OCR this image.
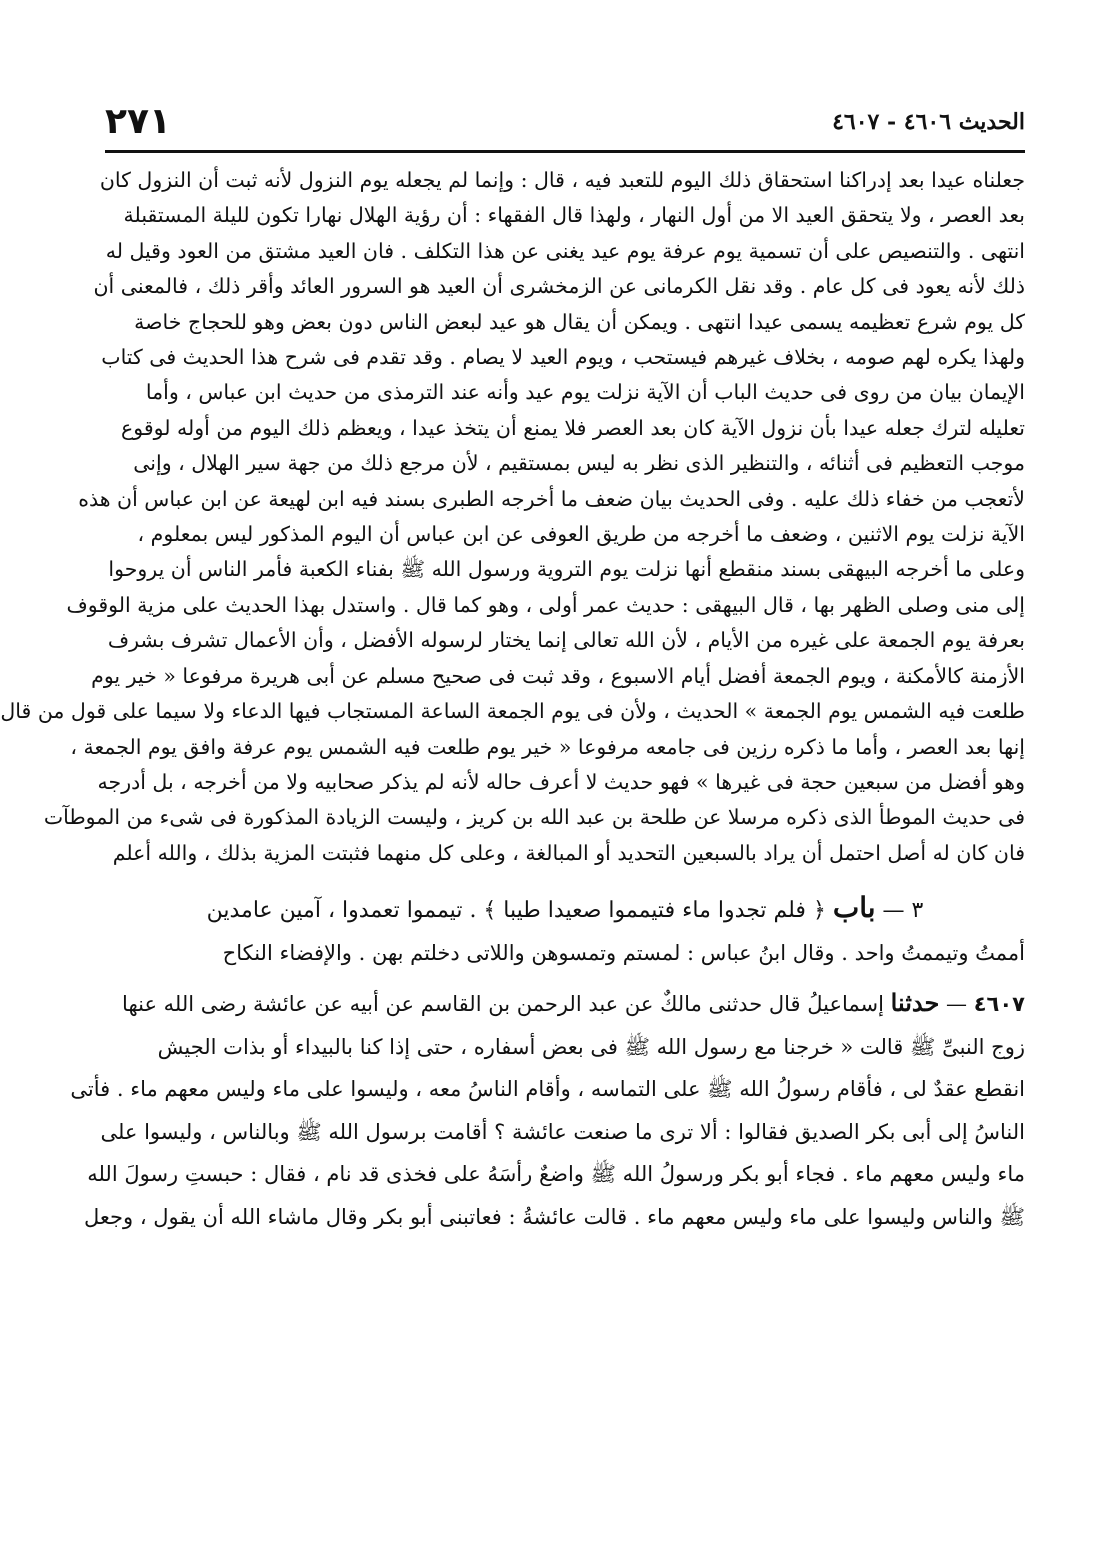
الحديث ٤٦٠٦ - ٤٦٠٧
٢٧١

جعلناه عيدا بعد إدراكنا استحقاق ذلك اليوم للتعبد فيه ، قال : وإنما لم يجعله يوم النزول لأنه ثبت أن النزول كان

بعد العصر ، ولا يتحقق العيد الا من أول النهار ، ولهذا قال الفقهاء : أن رؤية الهلال نهارا تكون لليلة المستقبلة

انتهى . والتنصيص على أن تسمية يوم عرفة يوم عيد يغنى عن هذا التكلف . فان العيد مشتق من العود وقيل له

ذلك لأنه يعود فى كل عام . وقد نقل الكرمانى عن الزمخشرى أن العيد هو السرور العائد وأقر ذلك ، فالمعنى أن

كل يوم شرع تعظيمه يسمى عيدا انتهى . ويمكن أن يقال هو عيد لبعض الناس دون بعض وهو للحجاج خاصة

ولهذا يكره لهم صومه ، بخلاف غيرهم فيستحب ، ويوم العيد لا يصام . وقد تقدم فى شرح هذا الحديث فى كتاب

الإيمان بيان من روى فى حديث الباب أن الآية نزلت يوم عيد وأنه عند الترمذى من حديث ابن عباس ، وأما

تعليله لترك جعله عيدا بأن نزول الآية كان بعد العصر فلا يمنع أن يتخذ عيدا ، ويعظم ذلك اليوم من أوله لوقوع

موجب التعظيم فى أثنائه ، والتنظير الذى نظر به ليس بمستقيم ، لأن مرجع ذلك من جهة سير الهلال ، وإنى

لأتعجب من خفاء ذلك عليه . وفى الحديث بيان ضعف ما أخرجه الطبرى بسند فيه ابن لهيعة عن ابن عباس أن هذه

الآية نزلت يوم الاثنين ، وضعف ما أخرجه من طريق العوفى عن ابن عباس أن اليوم المذكور ليس بمعلوم ،

وعلى ما أخرجه البيهقى بسند منقطع أنها نزلت يوم التروية ورسول الله ﷺ بفناء الكعبة فأمر الناس أن يروحوا

إلى منى وصلى الظهر بها ، قال البيهقى : حديث عمر أولى ، وهو كما قال . واستدل بهذا الحديث على مزية الوقوف

بعرفة يوم الجمعة على غيره من الأيام ، لأن الله تعالى إنما يختار لرسوله الأفضل ، وأن الأعمال تشرف بشرف

الأزمنة كالأمكنة ، ويوم الجمعة أفضل أيام الاسبوع ، وقد ثبت فى صحيح مسلم عن أبى هريرة مرفوعا « خير يوم

طلعت فيه الشمس يوم الجمعة » الحديث ، ولأن فى يوم الجمعة الساعة المستجاب فيها الدعاء ولا سيما على قول من قال

إنها بعد العصر ، وأما ما ذكره رزين فى جامعه مرفوعا « خير يوم طلعت فيه الشمس يوم عرفة وافق يوم الجمعة ،

وهو أفضل من سبعين حجة فى غيرها » فهو حديث لا أعرف حاله لأنه لم يذكر صحابيه ولا من أخرجه ، بل أدرجه

فى حديث الموطأ الذى ذكره مرسلا عن طلحة بن عبد الله بن كريز ، وليست الزيادة المذكورة فى شىء من الموطآت

فان كان له أصل احتمل أن يراد بالسبعين التحديد أو المبالغة ، وعلى كل منهما فثبتت المزية بذلك ، والله أعلم

٣ — باب ﴿ فلم تجدوا ماء فتيمموا صعيدا طيبا ﴾ . تيمموا تعمدوا ، آمين عامدين
أممتُ وتيممتُ واحد . وقال ابنُ عباس : لمستم وتمسوهن واللاتى دخلتم بهن . والإفضاء النكاح

٤٦٠٧ — حدثنا إسماعيلُ قال حدثنى مالكٌ عن عبد الرحمن بن القاسم عن أبيه عن عائشة رضى الله عنها

زوج النبىِّ ﷺ قالت « خرجنا مع رسول الله ﷺ فى بعض أسفاره ، حتى إذا كنا بالبيداء أو بذات الجيش

انقطع عقدٌ لى ، فأقام رسولُ الله ﷺ على التماسه ، وأقام الناسُ معه ، وليسوا على ماء وليس معهم ماء . فأتى

الناسُ إلى أبى بكر الصديق فقالوا : ألا ترى ما صنعت عائشة ؟ أقامت برسول الله ﷺ وبالناس ، وليسوا على

ماء وليس معهم ماء . فجاء أبو بكر ورسولُ الله ﷺ واضعٌ رأسَهُ على فخذى قد نام ، فقال : حبستِ رسولَ الله

ﷺ والناس وليسوا على ماء وليس معهم ماء . قالت عائشةُ : فعاتبنى أبو بكر وقال ماشاء الله أن يقول ، وجعل
